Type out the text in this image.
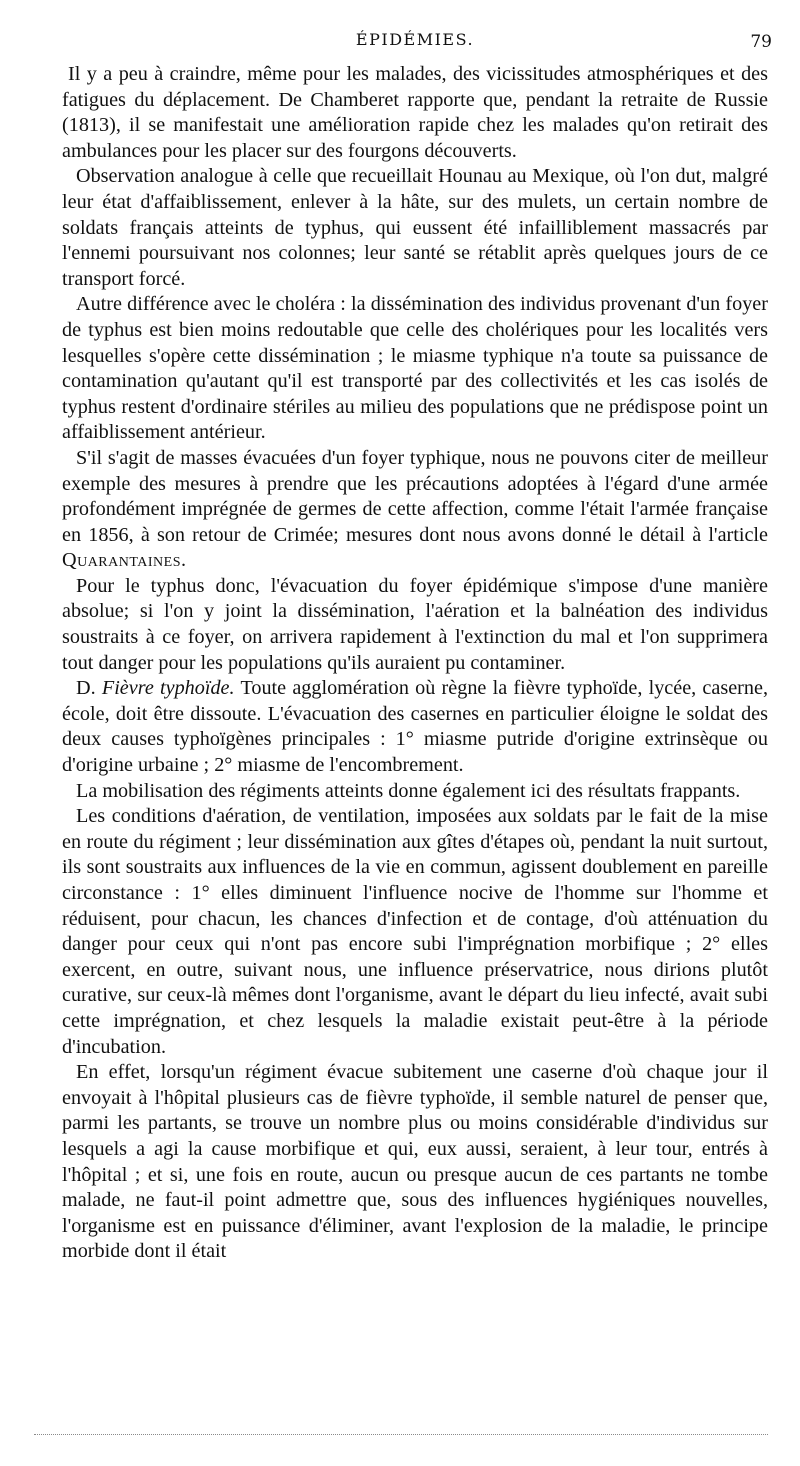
ÉPIDÉMIES.	79

Il y a peu à craindre, même pour les malades, des vicissitudes atmosphériques et des fatigues du déplacement. De Chamberet rapporte que, pendant la retraite de Russie (1813), il se manifestait une amélioration rapide chez les malades qu'on retirait des ambulances pour les placer sur des fourgons découverts.

Observation analogue à celle que recueillait Hounau au Mexique, où l'on dut, malgré leur état d'affaiblissement, enlever à la hâte, sur des mulets, un certain nombre de soldats français atteints de typhus, qui eussent été infailliblement massacrés par l'ennemi poursuivant nos colonnes; leur santé se rétablit après quelques jours de ce transport forcé.

Autre différence avec le choléra : la dissémination des individus provenant d'un foyer de typhus est bien moins redoutable que celle des cholériques pour les localités vers lesquelles s'opère cette dissémination ; le miasme typhique n'a toute sa puissance de contamination qu'autant qu'il est transporté par des collectivités et les cas isolés de typhus restent d'ordinaire stériles au milieu des populations que ne prédispose point un affaiblissement antérieur.

S'il s'agit de masses évacuées d'un foyer typhique, nous ne pouvons citer de meilleur exemple des mesures à prendre que les précautions adoptées à l'égard d'une armée profondément imprégnée de germes de cette affection, comme l'était l'armée française en 1856, à son retour de Crimée; mesures dont nous avons donné le détail à l'article Quarantaines.

Pour le typhus donc, l'évacuation du foyer épidémique s'impose d'une manière absolue; si l'on y joint la dissémination, l'aération et la balnéation des individus soustraits à ce foyer, on arrivera rapidement à l'extinction du mal et l'on supprimera tout danger pour les populations qu'ils auraient pu contaminer.

D. Fièvre typhoïde. Toute agglomération où règne la fièvre typhoïde, lycée, caserne, école, doit être dissoute. L'évacuation des casernes en particulier éloigne le soldat des deux causes typhoïgènes principales : 1° miasme putride d'origine extrinsèque ou d'origine urbaine ; 2° miasme de l'encombrement.

La mobilisation des régiments atteints donne également ici des résultats frappants.

Les conditions d'aération, de ventilation, imposées aux soldats par le fait de la mise en route du régiment ; leur dissémination aux gîtes d'étapes où, pendant la nuit surtout, ils sont soustraits aux influences de la vie en commun, agissent doublement en pareille circonstance : 1° elles diminuent l'influence nocive de l'homme sur l'homme et réduisent, pour chacun, les chances d'infection et de contage, d'où atténuation du danger pour ceux qui n'ont pas encore subi l'imprégnation morbifique ; 2° elles exercent, en outre, suivant nous, une influence préservatrice, nous dirions plutôt curative, sur ceux-là mêmes dont l'organisme, avant le départ du lieu infecté, avait subi cette imprégnation, et chez lesquels la maladie existait peut-être à la période d'incubation.

En effet, lorsqu'un régiment évacue subitement une caserne d'où chaque jour il envoyait à l'hôpital plusieurs cas de fièvre typhoïde, il semble naturel de penser que, parmi les partants, se trouve un nombre plus ou moins considérable d'individus sur lesquels a agi la cause morbifique et qui, eux aussi, seraient, à leur tour, entrés à l'hôpital ; et si, une fois en route, aucun ou presque aucun de ces partants ne tombe malade, ne faut-il point admettre que, sous des influences hygiéniques nouvelles, l'organisme est en puissance d'éliminer, avant l'explosion de la maladie, le principe morbide dont il était
